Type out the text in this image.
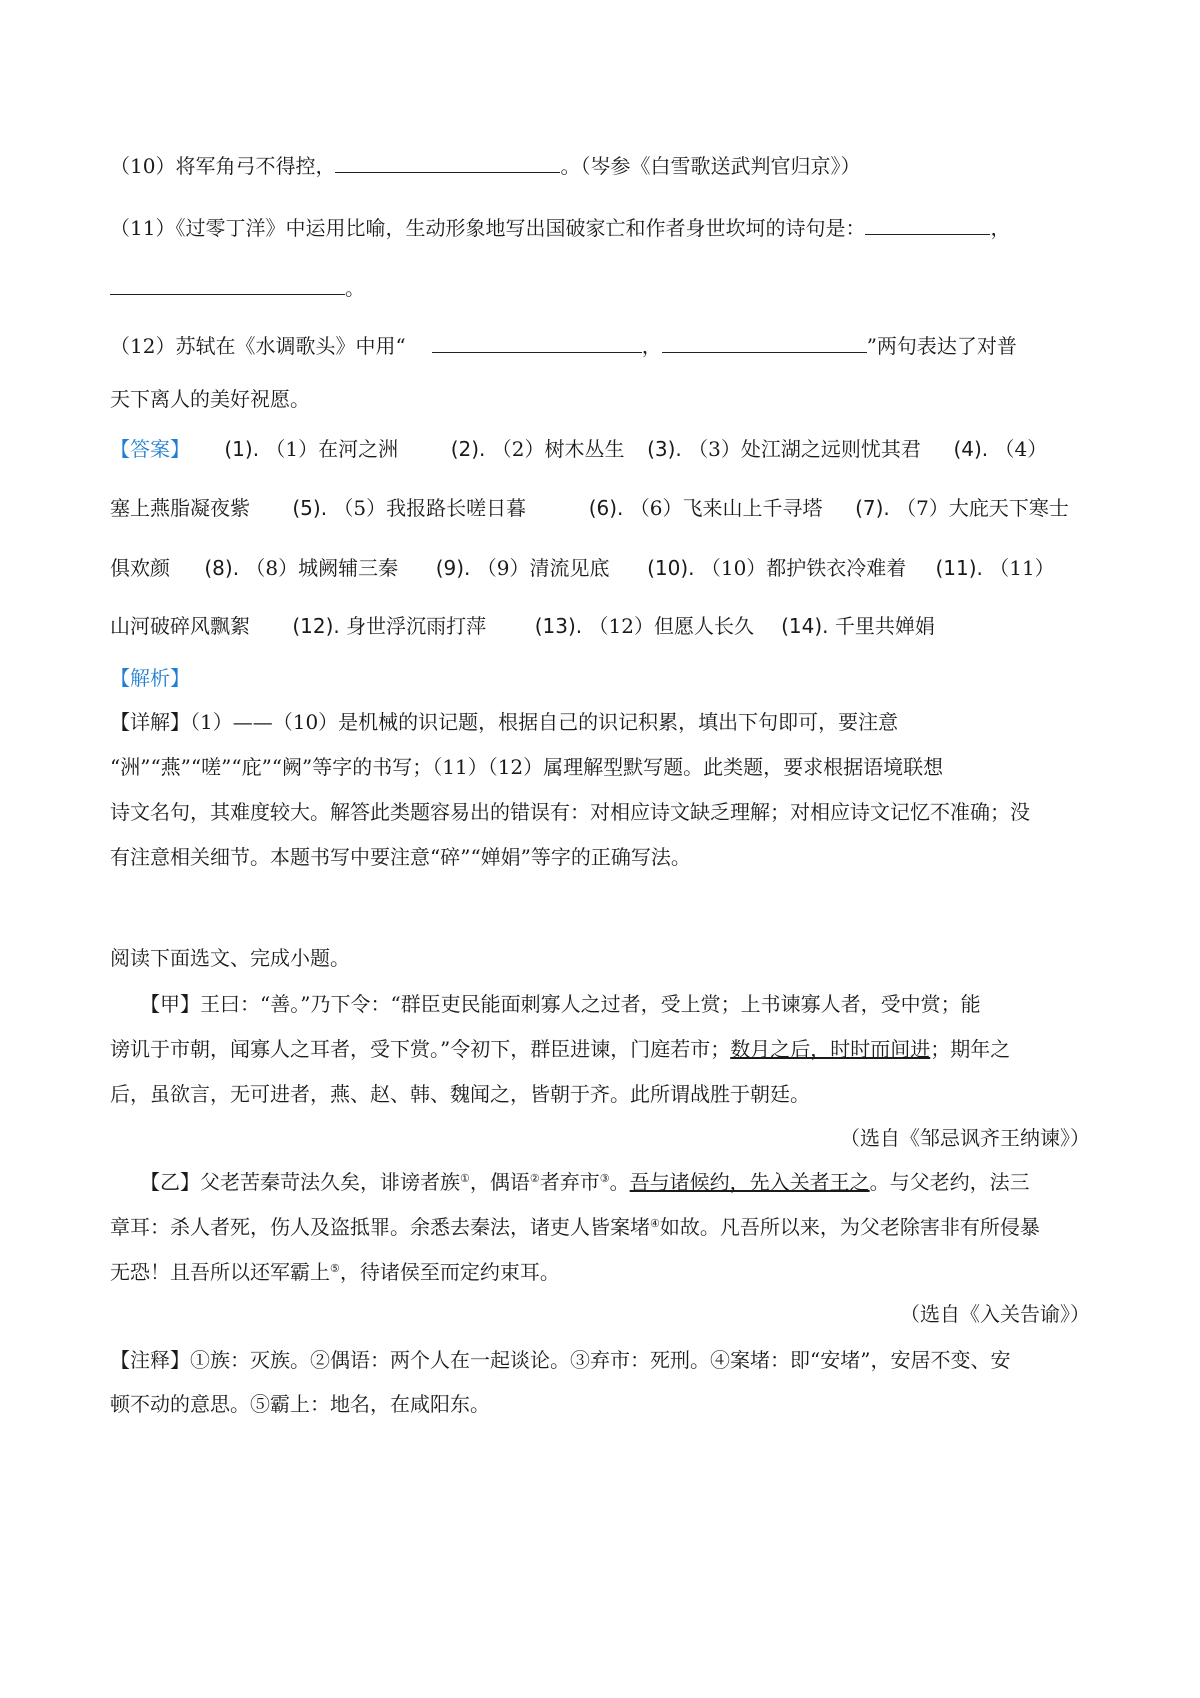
（10）将军角弓不得控，	。（岑参《白雪歌送武判官归京》）
（11）《过零丁洋》中运用比喻，生动形象地写出国破家亡和作者身世坎坷的诗句是：	，
。
（12）苏轼在《水调歌头》中用“	，	”两句表达了对普
天下离人的美好祝愿。
【答案】 (1). （1）在河之洲	(2). （2）树木丛生 (3). （3）处江湖之远则忧其君 (4). （4）
塞上燕脂凝夜紫 (5). （5）我报路长嗟日暮	(6). （6）飞来山上千寻塔 (7). （7）大庇天下寒士
俱欢颜 (8). （8）城阙辅三秦 (9). （9）清流见底 (10). （10）都护铁衣冷难着 (11). （11）
山河破碎风飘絮 (12). 身世浮沉雨打萍 (13). （12）但愿人长久 (14). 千里共婵娟
【解析】
【详解】（1）——（10）是机械的识记题，根据自己的识记积累，填出下句即可，要注意
“洲”“燕”“嗟”“庇”“阙”等字的书写；（11）（12）属理解型默写题。此类题，要求根据语境联想
诗文名句，其难度较大。解答此类题容易出的错误有：对相应诗文缺乏理解；对相应诗文记忆不准确；没
有注意相关细节。本题书写中要注意“碎”“婵娟”等字的正确写法。
阅读下面选文、完成小题。
【甲】王曰：“善。”乃下令：“群臣吏民能面刺寡人之过者，受上赏；上书谏寡人者，受中赏；能
谤讥于市朝，闻寡人之耳者，受下赏。”令初下，群臣进谏，门庭若市；数月之后，时时而间进；期年之
后，虽欲言，无可进者，燕、赵、韩、魏闻之，皆朝于齐。此所谓战胜于朝廷。
（选自《邹忌讽齐王纳谏》）
【乙】父老苦秦苛法久矣，诽谤者族①，偶语②者弃市③。吾与诸候约，先入关者王之。与父老约，法三
章耳：杀人者死，伤人及盗抵罪。余悉去秦法，诸吏人皆案堵④如故。凡吾所以来，为父老除害非有所侵暴
无恐！且吾所以还军霸上⑤，待诸侯至而定约束耳。
（选自《入关告谕》）
【注释】①族：灭族。②偶语：两个人在一起谈论。③弃市：死刑。④案堵：即“安堵”，安居不变、安
顿不动的意思。⑤霸上：地名，在咸阳东。
